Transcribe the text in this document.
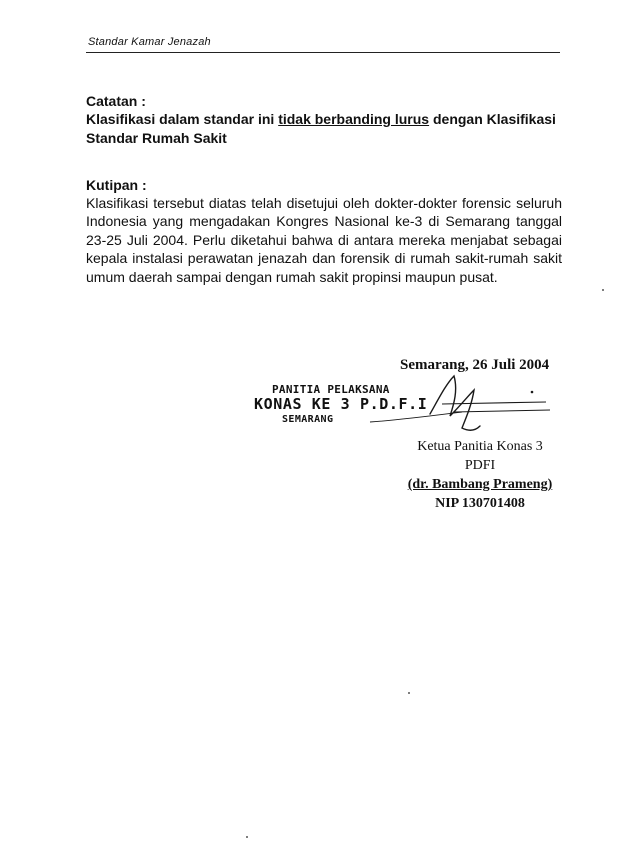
Standar Kamar Jenazah
Catatan :
Klasifikasi dalam standar ini tidak berbanding lurus dengan Klasifikasi Standar Rumah Sakit
Kutipan :
Klasifikasi tersebut diatas telah disetujui oleh dokter-dokter forensic seluruh Indonesia yang mengadakan Kongres Nasional ke-3 di Semarang tanggal 23-25 Juli 2004. Perlu diketahui bahwa di antara mereka menjabat sebagai kepala instalasi perawatan jenazah dan forensik di rumah sakit-rumah sakit umum daerah sampai dengan rumah sakit propinsi maupun pusat.
Semarang, 26 Juli 2004
PANITIA PELAKSANA
KONAS KE 3 P.D.F.I
SEMARANG
Ketua Panitia Konas 3
PDFI
(dr. Bambang Prameng)
NIP 130701408
